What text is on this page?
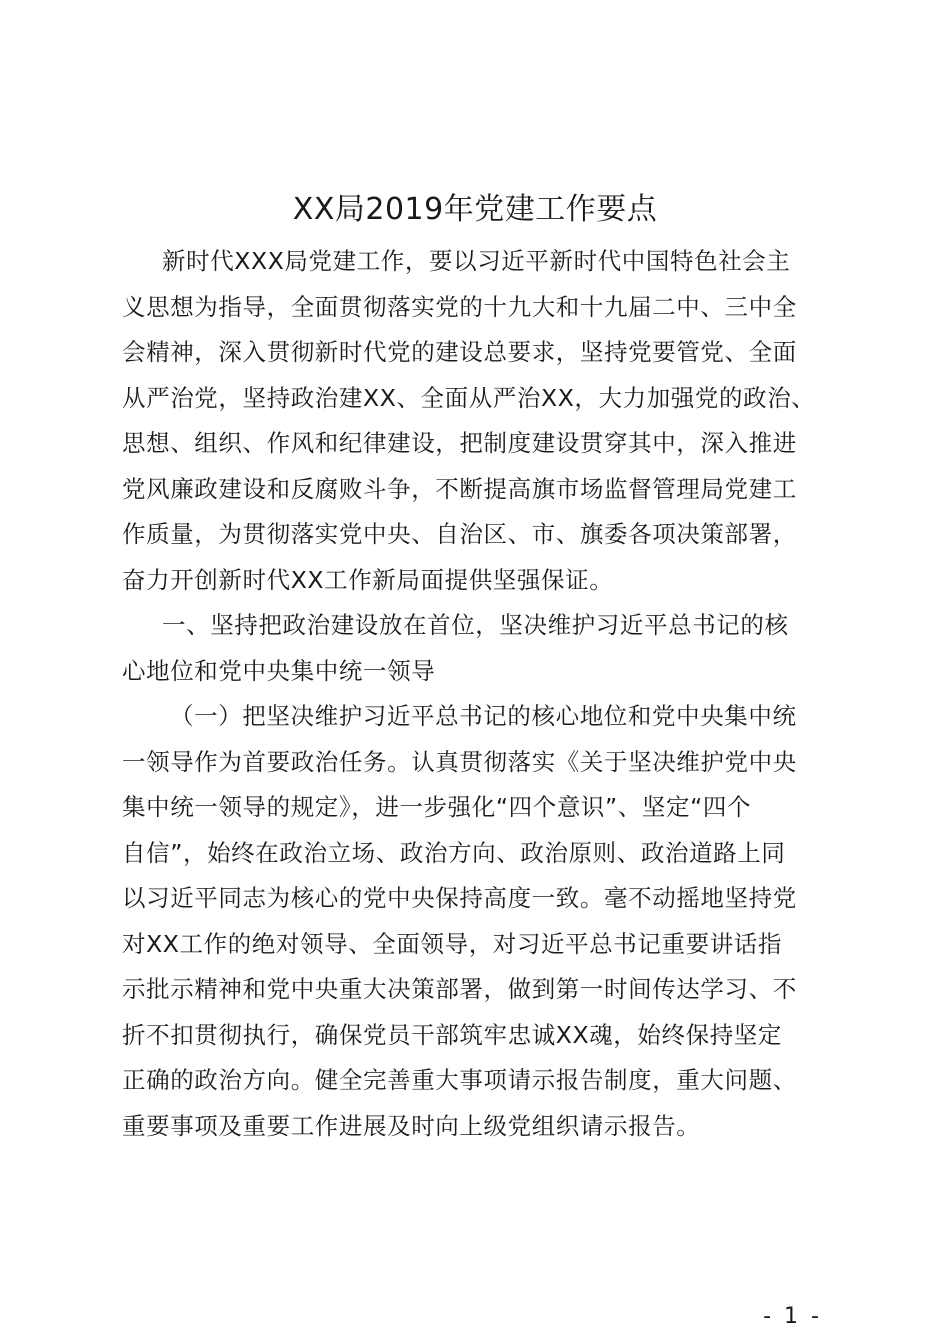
XX局2019年党建工作要点

新时代XXX局党建工作，要以习近平新时代中国特色社会主
义思想为指导，全面贯彻落实党的十九大和十九届二中、三中全
会精神，深入贯彻新时代党的建设总要求，坚持党要管党、全面
从严治党，坚持政治建XX、全面从严治XX，大力加强党的政治、
思想、组织、作风和纪律建设，把制度建设贯穿其中，深入推进
党风廉政建设和反腐败斗争，不断提高旗市场监督管理局党建工
作质量，为贯彻落实党中央、自治区、市、旗委各项决策部署，
奋力开创新时代XX工作新局面提供坚强保证。

一、坚持把政治建设放在首位，坚决维护习近平总书记的核
心地位和党中央集中统一领导

（一）把坚决维护习近平总书记的核心地位和党中央集中统
一领导作为首要政治任务。认真贯彻落实《关于坚决维护党中央
集中统一领导的规定》，进一步强化“四个意识”、坚定“四个
自信”，始终在政治立场、政治方向、政治原则、政治道路上同
以习近平同志为核心的党中央保持高度一致。毫不动摇地坚持党
对XX工作的绝对领导、全面领导，对习近平总书记重要讲话指
示批示精神和党中央重大决策部署，做到第一时间传达学习、不
折不扣贯彻执行，确保党员干部筑牢忠诚XX魂，始终保持坚定
正确的政治方向。健全完善重大事项请示报告制度，重大问题、
重要事项及重要工作进展及时向上级党组织请示报告。

- 1 -
